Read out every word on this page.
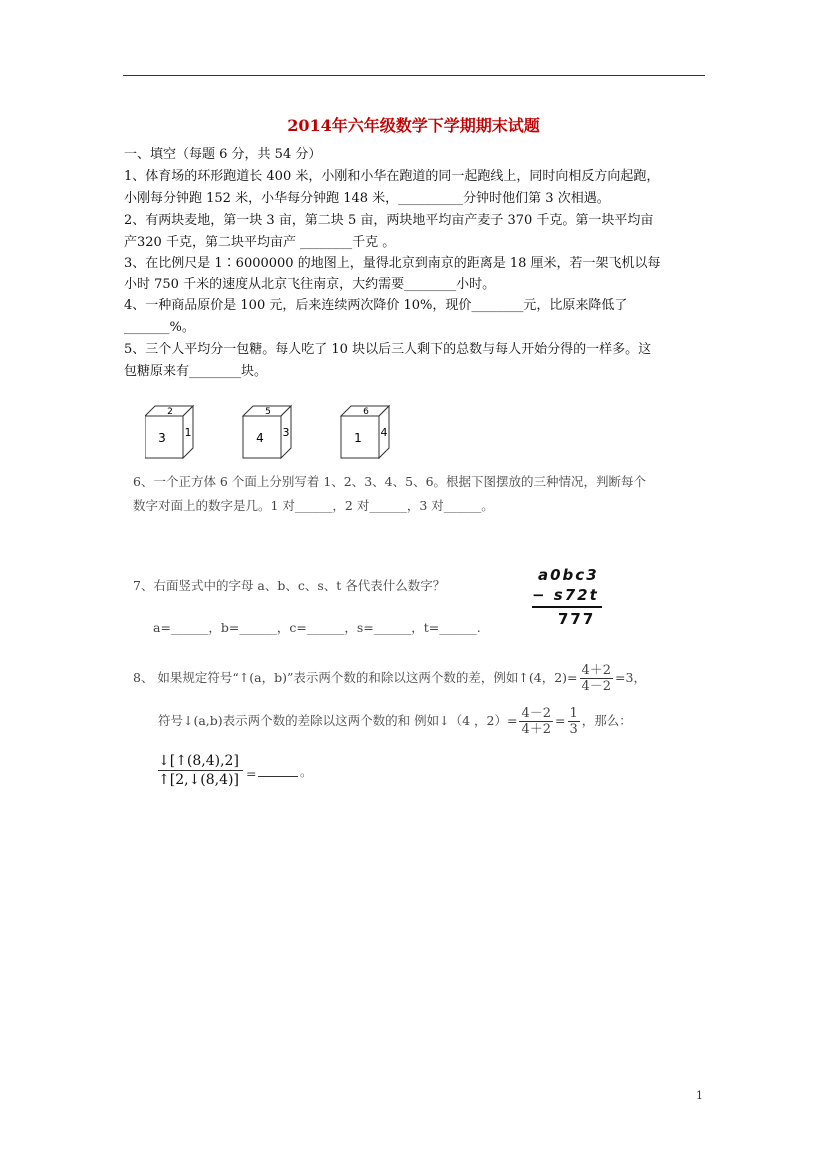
2014年六年级数学下学期期末试题
一、填空（每题 6 分，共 54 分）
1、体育场的环形跑道长 400 米，小刚和小华在跑道的同一起跑线上，同时向相反方向起跑，
小刚每分钟跑 152 米，小华每分钟跑 148 米，__________分钟时他们第 3 次相遇。
2、有两块麦地，第一块 3 亩，第二块 5 亩，两块地平均亩产麦子 370 千克。第一块平均亩
产320 千克，第二块平均亩产 ________千克 。
3、在比例尺是 1∶6000000 的地图上，量得北京到南京的距离是 18 厘米，若一架飞机以每
小时 750 千米的速度从北京飞往南京，大约需要________小时。
4、一种商品原价是 100 元，后来连续两次降价 10%，现价________元，比原来降低了
_______%。
5、三个人平均分一包糖。每人吃了 10 块以后三人剩下的总数与每人开始分得的一样多。这
包糖原来有________块。
2
3 1
5
4 3
6
1 4
6、一个正方体 6 个面上分别写着 1、2、3、4、5、6。根据下图摆放的三种情况，判断每个
数字对面上的数字是几。1 对______，2 对______，3 对______。
7、右面竖式中的字母 a、b、c、s、t 各代表什么数字？
a=______，b=______，c=______，s=______，t=______.
a0bc3
− s72t
777
8、 如果规定符号“↑(a，b)”表示两个数的和除以这两个数的差，例如↑(4，$2)= \frac{4+2}{4-2} =3$，
符号↓(a,b)表示两个数的差除以这两个数的和 例如↓（4 ，$2)= \frac{4-2}{4+2} = \frac{1}{3}$ ，那么：
$\frac{↓[↑(8,4),2]}{↑[2,↓(8,4)]}$ =	。
1
